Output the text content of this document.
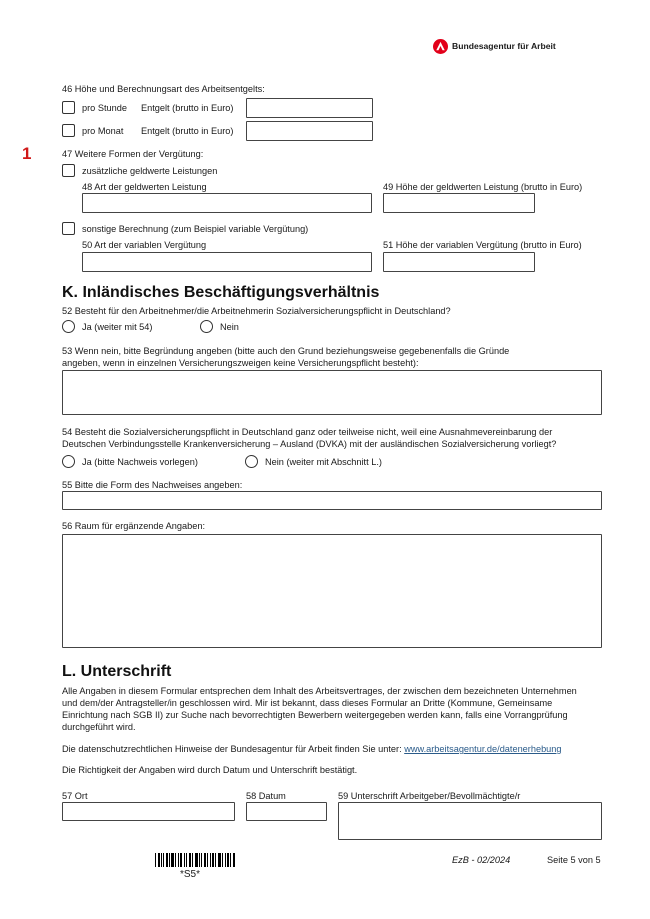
Bundesagentur für Arbeit
1
46 Höhe und Berechnungsart des Arbeitsentgelts:
pro Stunde Entgelt (brutto in Euro)
pro Monat Entgelt (brutto in Euro)
47 Weitere Formen der Vergütung:
zusätzliche geldwerte Leistungen
48 Art der geldwerten Leistung	49 Höhe der geldwerten Leistung (brutto in Euro)
sonstige Berechnung (zum Beispiel variable Vergütung)
50 Art der variablen Vergütung	51 Höhe der variablen Vergütung (brutto in Euro)
K. Inländisches Beschäftigungsverhältnis
52 Besteht für den Arbeitnehmer/die Arbeitnehmerin Sozialversicherungspflicht in Deutschland?
Ja (weiter mit 54)	Nein
53 Wenn nein, bitte Begründung angeben (bitte auch den Grund beziehungsweise gegebenenfalls die Gründe
angeben, wenn in einzelnen Versicherungszweigen keine Versicherungspflicht besteht):
54 Besteht die Sozialversicherungspflicht in Deutschland ganz oder teilweise nicht, weil eine Ausnahmevereinbarung der
Deutschen Verbindungsstelle Krankenversicherung – Ausland (DVKA) mit der ausländischen Sozialversicherung vorliegt?
Ja (bitte Nachweis vorlegen)	Nein (weiter mit Abschnitt L.)
55 Bitte die Form des Nachweises angeben:
56 Raum für ergänzende Angaben:
L. Unterschrift
Alle Angaben in diesem Formular entsprechen dem Inhalt des Arbeitsvertrages, der zwischen dem bezeichneten Unternehmen
und dem/der Antragsteller/in geschlossen wird. Mir ist bekannt, dass dieses Formular an Dritte (Kommune, Gemeinsame
Einrichtung nach SGB II) zur Suche nach bevorrechtigten Bewerbern weitergegeben werden kann, falls eine Vorrangprüfung
durchgeführt wird.
Die datenschutzrechtlichen Hinweise der Bundesagentur für Arbeit finden Sie unter: www.arbeitsagentur.de/datenerhebung
Die Richtigkeit der Angaben wird durch Datum und Unterschrift bestätigt.
57 Ort	58 Datum	59 Unterschrift Arbeitgeber/Bevollmächtigte/r
*S5*
EzB - 02/2024	Seite 5 von 5
